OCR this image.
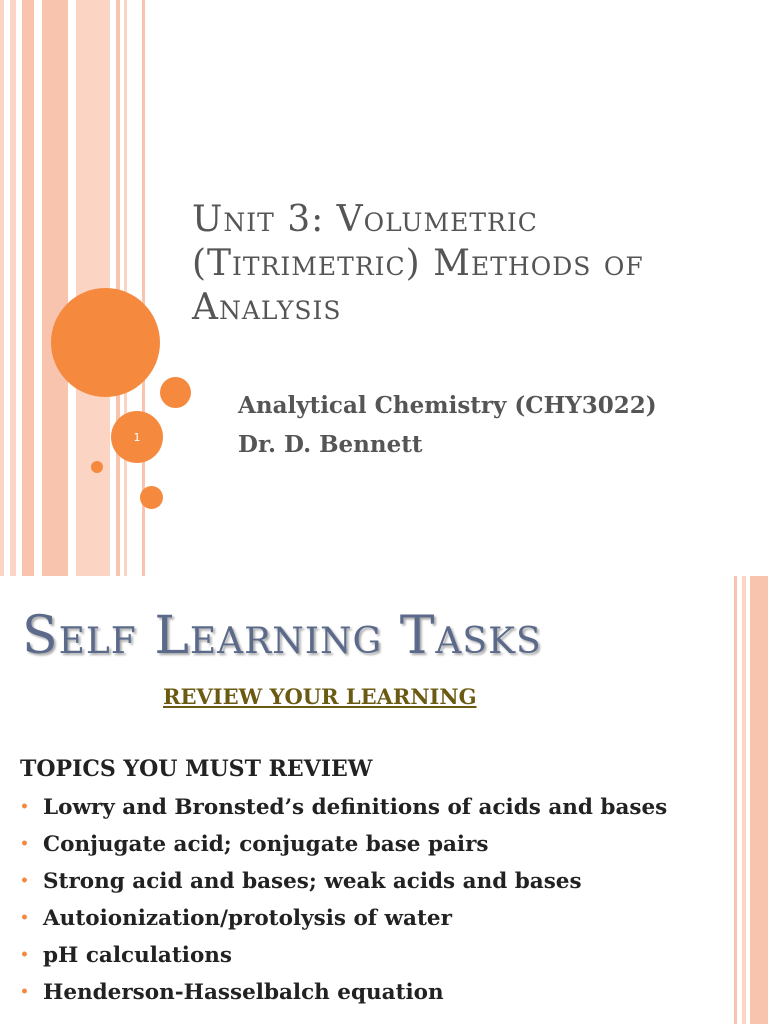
1
Unit 3: Volumetric
(Titrimetric) Methods of
Analysis

Analytical Chemistry (CHY3022)

Dr. D. Bennett

Self Learning Tasks
REVIEW YOUR LEARNING
TOPICS YOU MUST REVIEW
• Lowry and Bronsted’s definitions of acids and bases
• Conjugate acid; conjugate base pairs
• Strong acid and bases; weak acids and bases
• Autoionization/protolysis of water
• pH calculations
• Henderson-Hasselbalch equation
